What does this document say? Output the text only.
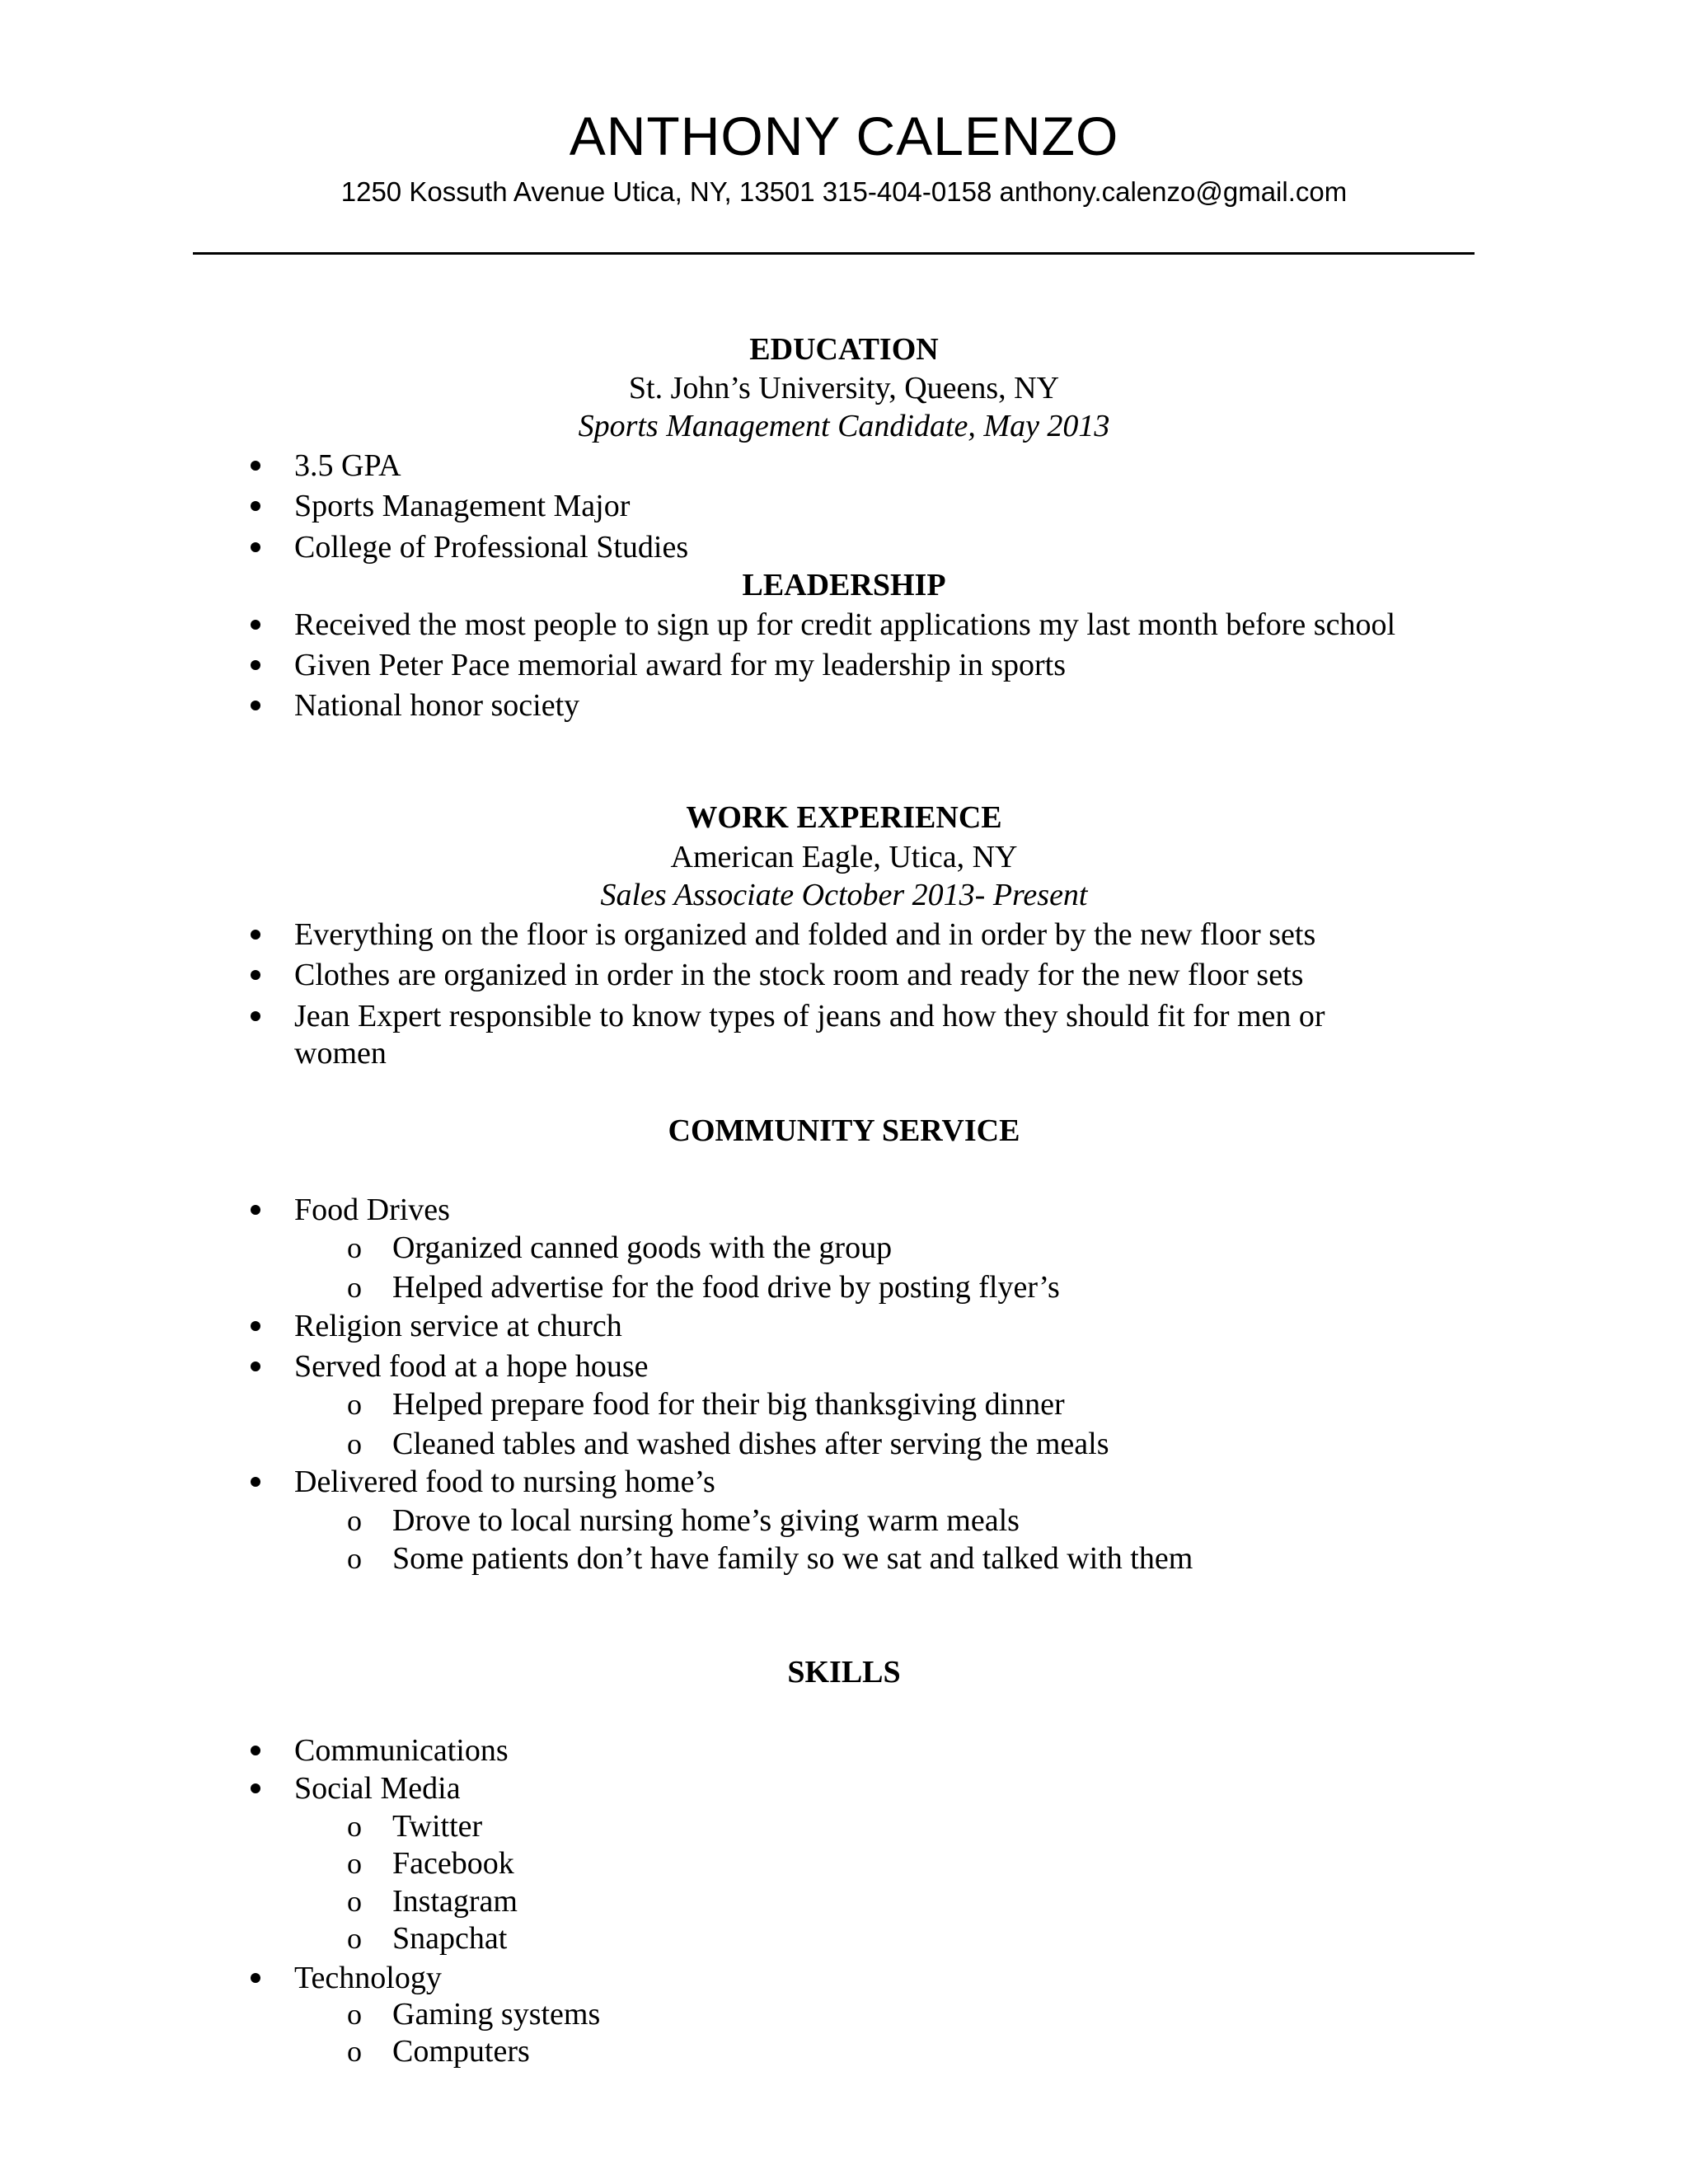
ANTHONY CALENZO
1250 Kossuth Avenue Utica, NY, 13501 315-404-0158 anthony.calenzo@gmail.com
EDUCATION
St. John’s University, Queens, NY
Sports Management Candidate, May 2013
3.5 GPA
Sports Management Major
College of Professional Studies
LEADERSHIP
Received the most people to sign up for credit applications my last month before school
Given Peter Pace memorial award for my leadership in sports
National honor society
WORK EXPERIENCE
American Eagle, Utica, NY
Sales Associate October 2013- Present
Everything on the floor is organized and folded and in order by the new floor sets
Clothes are organized in order in the stock room and ready for the new floor sets
Jean Expert responsible to know types of jeans and how they should fit for men or
women
COMMUNITY SERVICE
Food Drives
o Organized canned goods with the group
o Helped advertise for the food drive by posting flyer’s
Religion service at church
Served food at a hope house
o Helped prepare food for their big thanksgiving dinner
o Cleaned tables and washed dishes after serving the meals
Delivered food to nursing home’s
o Drove to local nursing home’s giving warm meals
o Some patients don’t have family so we sat and talked with them
SKILLS
Communications
Social Media
o Twitter
o Facebook
o Instagram
o Snapchat
Technology
o Gaming systems
o Computers
